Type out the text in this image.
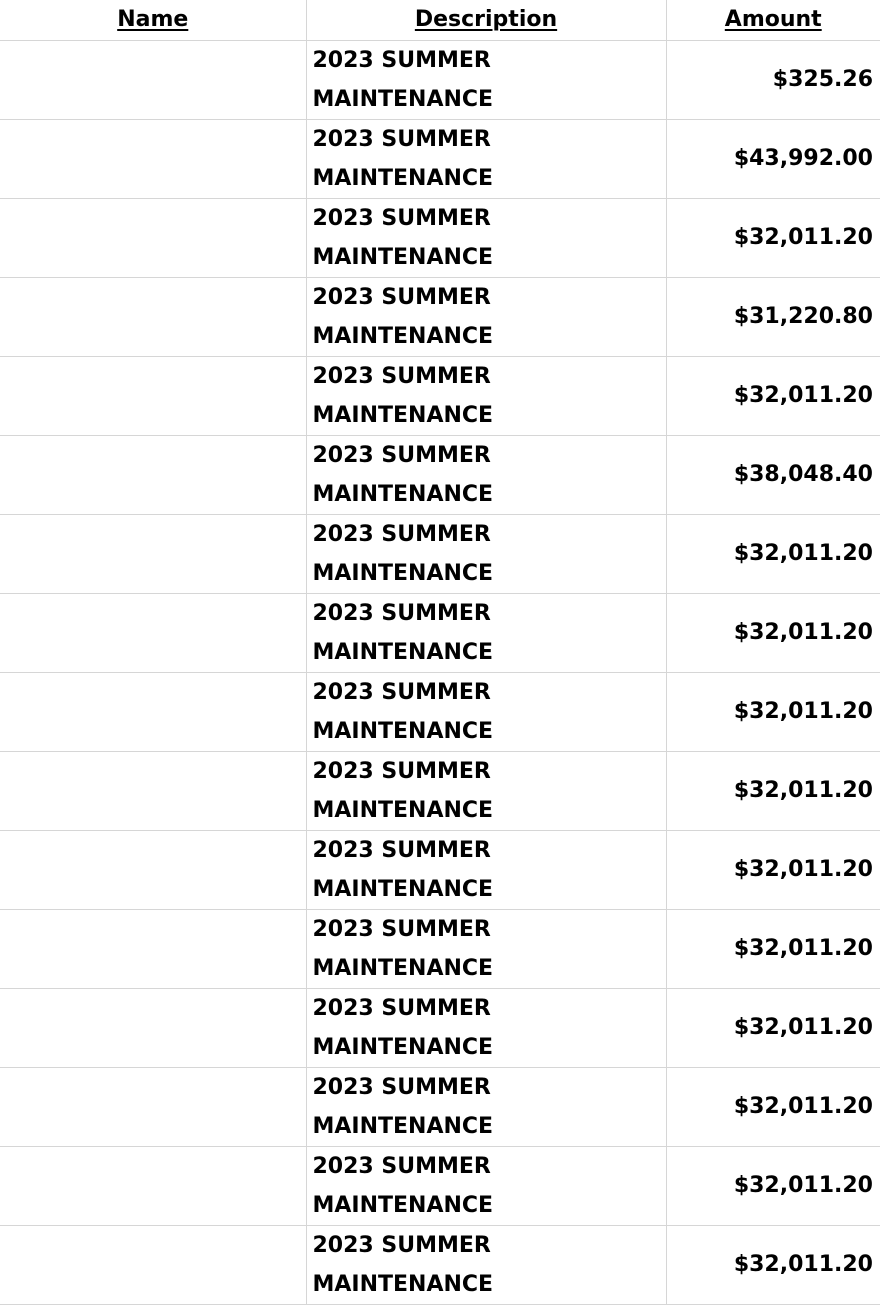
Name	Description	Amount

	2023 SUMMER
MAINTENANCE	$325.26

	2023 SUMMER
MAINTENANCE	$43,992.00

	2023 SUMMER
MAINTENANCE	$32,011.20

	2023 SUMMER
MAINTENANCE	$31,220.80

	2023 SUMMER
MAINTENANCE	$32,011.20

	2023 SUMMER
MAINTENANCE	$38,048.40

	2023 SUMMER
MAINTENANCE	$32,011.20

	2023 SUMMER
MAINTENANCE	$32,011.20

	2023 SUMMER
MAINTENANCE	$32,011.20

	2023 SUMMER
MAINTENANCE	$32,011.20

	2023 SUMMER
MAINTENANCE	$32,011.20

	2023 SUMMER
MAINTENANCE	$32,011.20

	2023 SUMMER
MAINTENANCE	$32,011.20

	2023 SUMMER
MAINTENANCE	$32,011.20

	2023 SUMMER
MAINTENANCE	$32,011.20

	2023 SUMMER
MAINTENANCE	$32,011.20
